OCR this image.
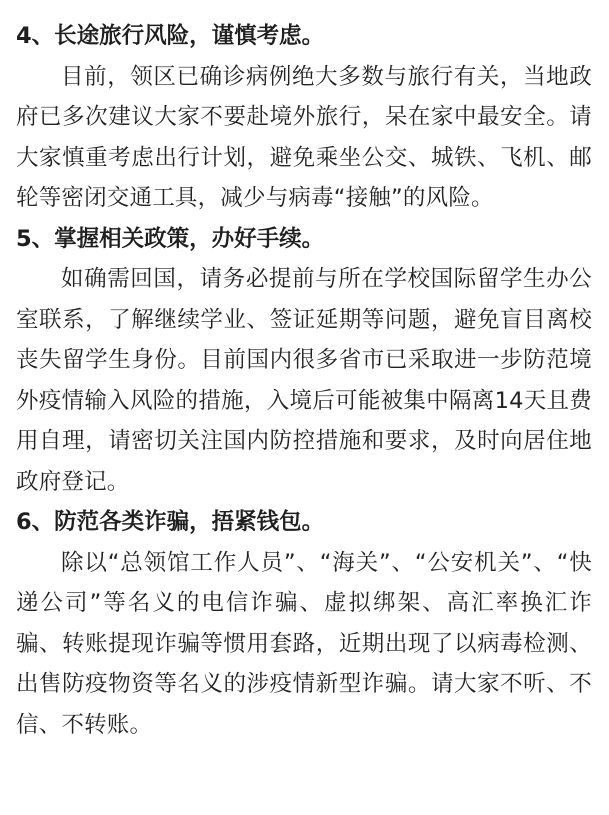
4、长途旅行风险，谨慎考虑。

目前，领区已确诊病例绝大多数与旅行有关，当地政府已多次建议大家不要赴境外旅行，呆在家中最安全。请大家慎重考虑出行计划，避免乘坐公交、城铁、飞机、邮轮等密闭交通工具，减少与病毒“接触”的风险。

5、掌握相关政策，办好手续。

如确需回国，请务必提前与所在学校国际留学生办公室联系，了解继续学业、签证延期等问题，避免盲目离校丧失留学生身份。目前国内很多省市已采取进一步防范境外疫情输入风险的措施，入境后可能被集中隔离14天且费用自理，请密切关注国内防控措施和要求，及时向居住地政府登记。

6、防范各类诈骗，捂紧钱包。

除以“总领馆工作人员”、“海关”、“公安机关”、“快递公司”等名义的电信诈骗、虚拟绑架、高汇率换汇诈骗、转账提现诈骗等惯用套路，近期出现了以病毒检测、出售防疫物资等名义的涉疫情新型诈骗。请大家不听、不信、不转账。
